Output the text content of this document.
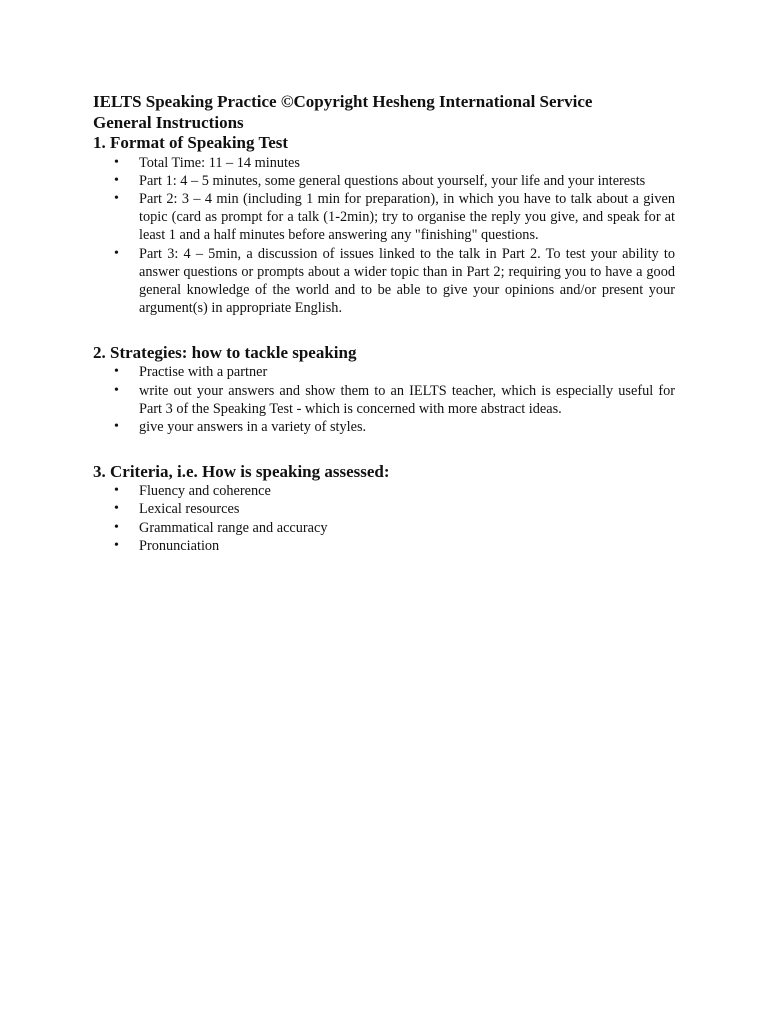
IELTS Speaking Practice ©Copyright Hesheng International Service

General Instructions

1. Format of Speaking Test

• Total Time: 11 – 14 minutes
• Part 1: 4 – 5 minutes, some general questions about yourself, your life and your interests
• Part 2: 3 – 4 min (including 1 min for preparation), in which you have to talk about a given topic (card as prompt for a talk (1-2min); try to organise the reply you give, and speak for at least 1 and a half minutes before answering any "finishing" questions.
• Part 3: 4 – 5min, a discussion of issues linked to the talk in Part 2. To test your ability to answer questions or prompts about a wider topic than in Part 2; requiring you to have a good general knowledge of the world and to be able to give your opinions and/or present your argument(s) in appropriate English.

2. Strategies: how to tackle speaking

• Practise with a partner
• write out your answers and show them to an IELTS teacher, which is especially useful for Part 3 of the Speaking Test - which is concerned with more abstract ideas.
• give your answers in a variety of styles.

3. Criteria, i.e. How is speaking assessed:

• Fluency and coherence
• Lexical resources
• Grammatical range and accuracy
• Pronunciation
